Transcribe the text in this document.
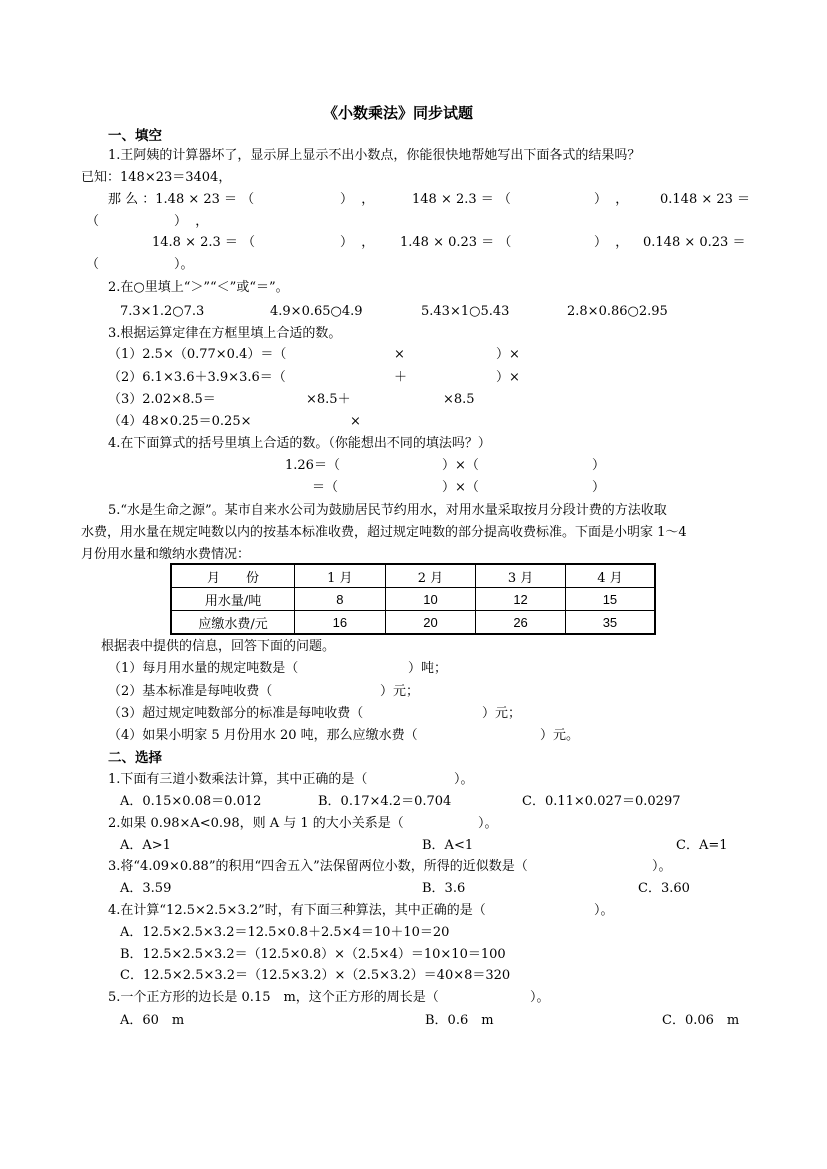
《小数乘法》同步试题
一、填空
1.王阿姨的计算器坏了，显示屏上显示不出小数点，你能很快地帮她写出下面各式的结果吗？
已知：148×23＝3404，
那 么 ：1.48 × 23 ＝ （	）  ，	148 × 2.3 ＝ （	）  ， 0.148 × 23 ＝
（	）  ，
14.8 × 2.3 ＝ （	）  ， 1.48 × 0.23 ＝ （	）  ， 0.148 × 0.23 ＝
（	）。
2.在○里填上“＞”“＜”或“＝”。
7.3×1.2○7.3	4.9×0.65○4.9	5.43×1○5.43	2.8×0.86○2.95
3.根据运算定律在方框里填上合适的数。
（1）2.5×（0.77×0.4）＝（	×	）×
（2）6.1×3.6＋3.9×3.6＝（	＋	）×
（3）2.02×8.5＝	×8.5＋	×8.5
（4）48×0.25＝0.25×	×
4.在下面算式的括号里填上合适的数。（你能想出不同的填法吗？）
1.26＝（	）×（	）
＝（	）×（	）
5.“水是生命之源”。某市自来水公司为鼓励居民节约用水，对用水量采取按月分段计费的方法收取
水费，用水量在规定吨数以内的按基本标准收费，超过规定吨数的部分提高收费标准。下面是小明家 1～4
月份用水量和缴纳水费情况：
月　　份	1 月	2 月	3 月	4 月
用水量/吨	8	10	12	15
应缴水费/元	16	20	26	35
根据表中提供的信息，回答下面的问题。
（1）每月用水量的规定吨数是（	）吨；
（2）基本标准是每吨收费（	）元；
（3）超过规定吨数部分的标准是每吨收费（	）元；
（4）如果小明家 5 月份用水 20 吨，那么应缴水费（	）元。
二、选择
1.下面有三道小数乘法计算，其中正确的是（	）。
A．0.15×0.08＝0.012	B．0.17×4.2＝0.704	C．0.11×0.027＝0.0297
2.如果 0.98×A<0.98，则 A 与 1 的大小关系是（	）。
A．A>1	B．A<1	C．A=1
3.将“4.09×0.88”的积用“四舍五入”法保留两位小数，所得的近似数是（	）。
A．3.59	B．3.6	C．3.60
4.在计算“12.5×2.5×3.2”时，有下面三种算法，其中正确的是（	）。
A．12.5×2.5×3.2＝12.5×0.8＋2.5×4＝10＋10＝20
B．12.5×2.5×3.2＝（12.5×0.8）×（2.5×4）＝10×10＝100
C．12.5×2.5×3.2＝（12.5×3.2）×（2.5×3.2）＝40×8＝320
5.一个正方形的边长是 0.15　m，这个正方形的周长是（	）。
A．60　m	B．0.6　m	C．0.06　m
